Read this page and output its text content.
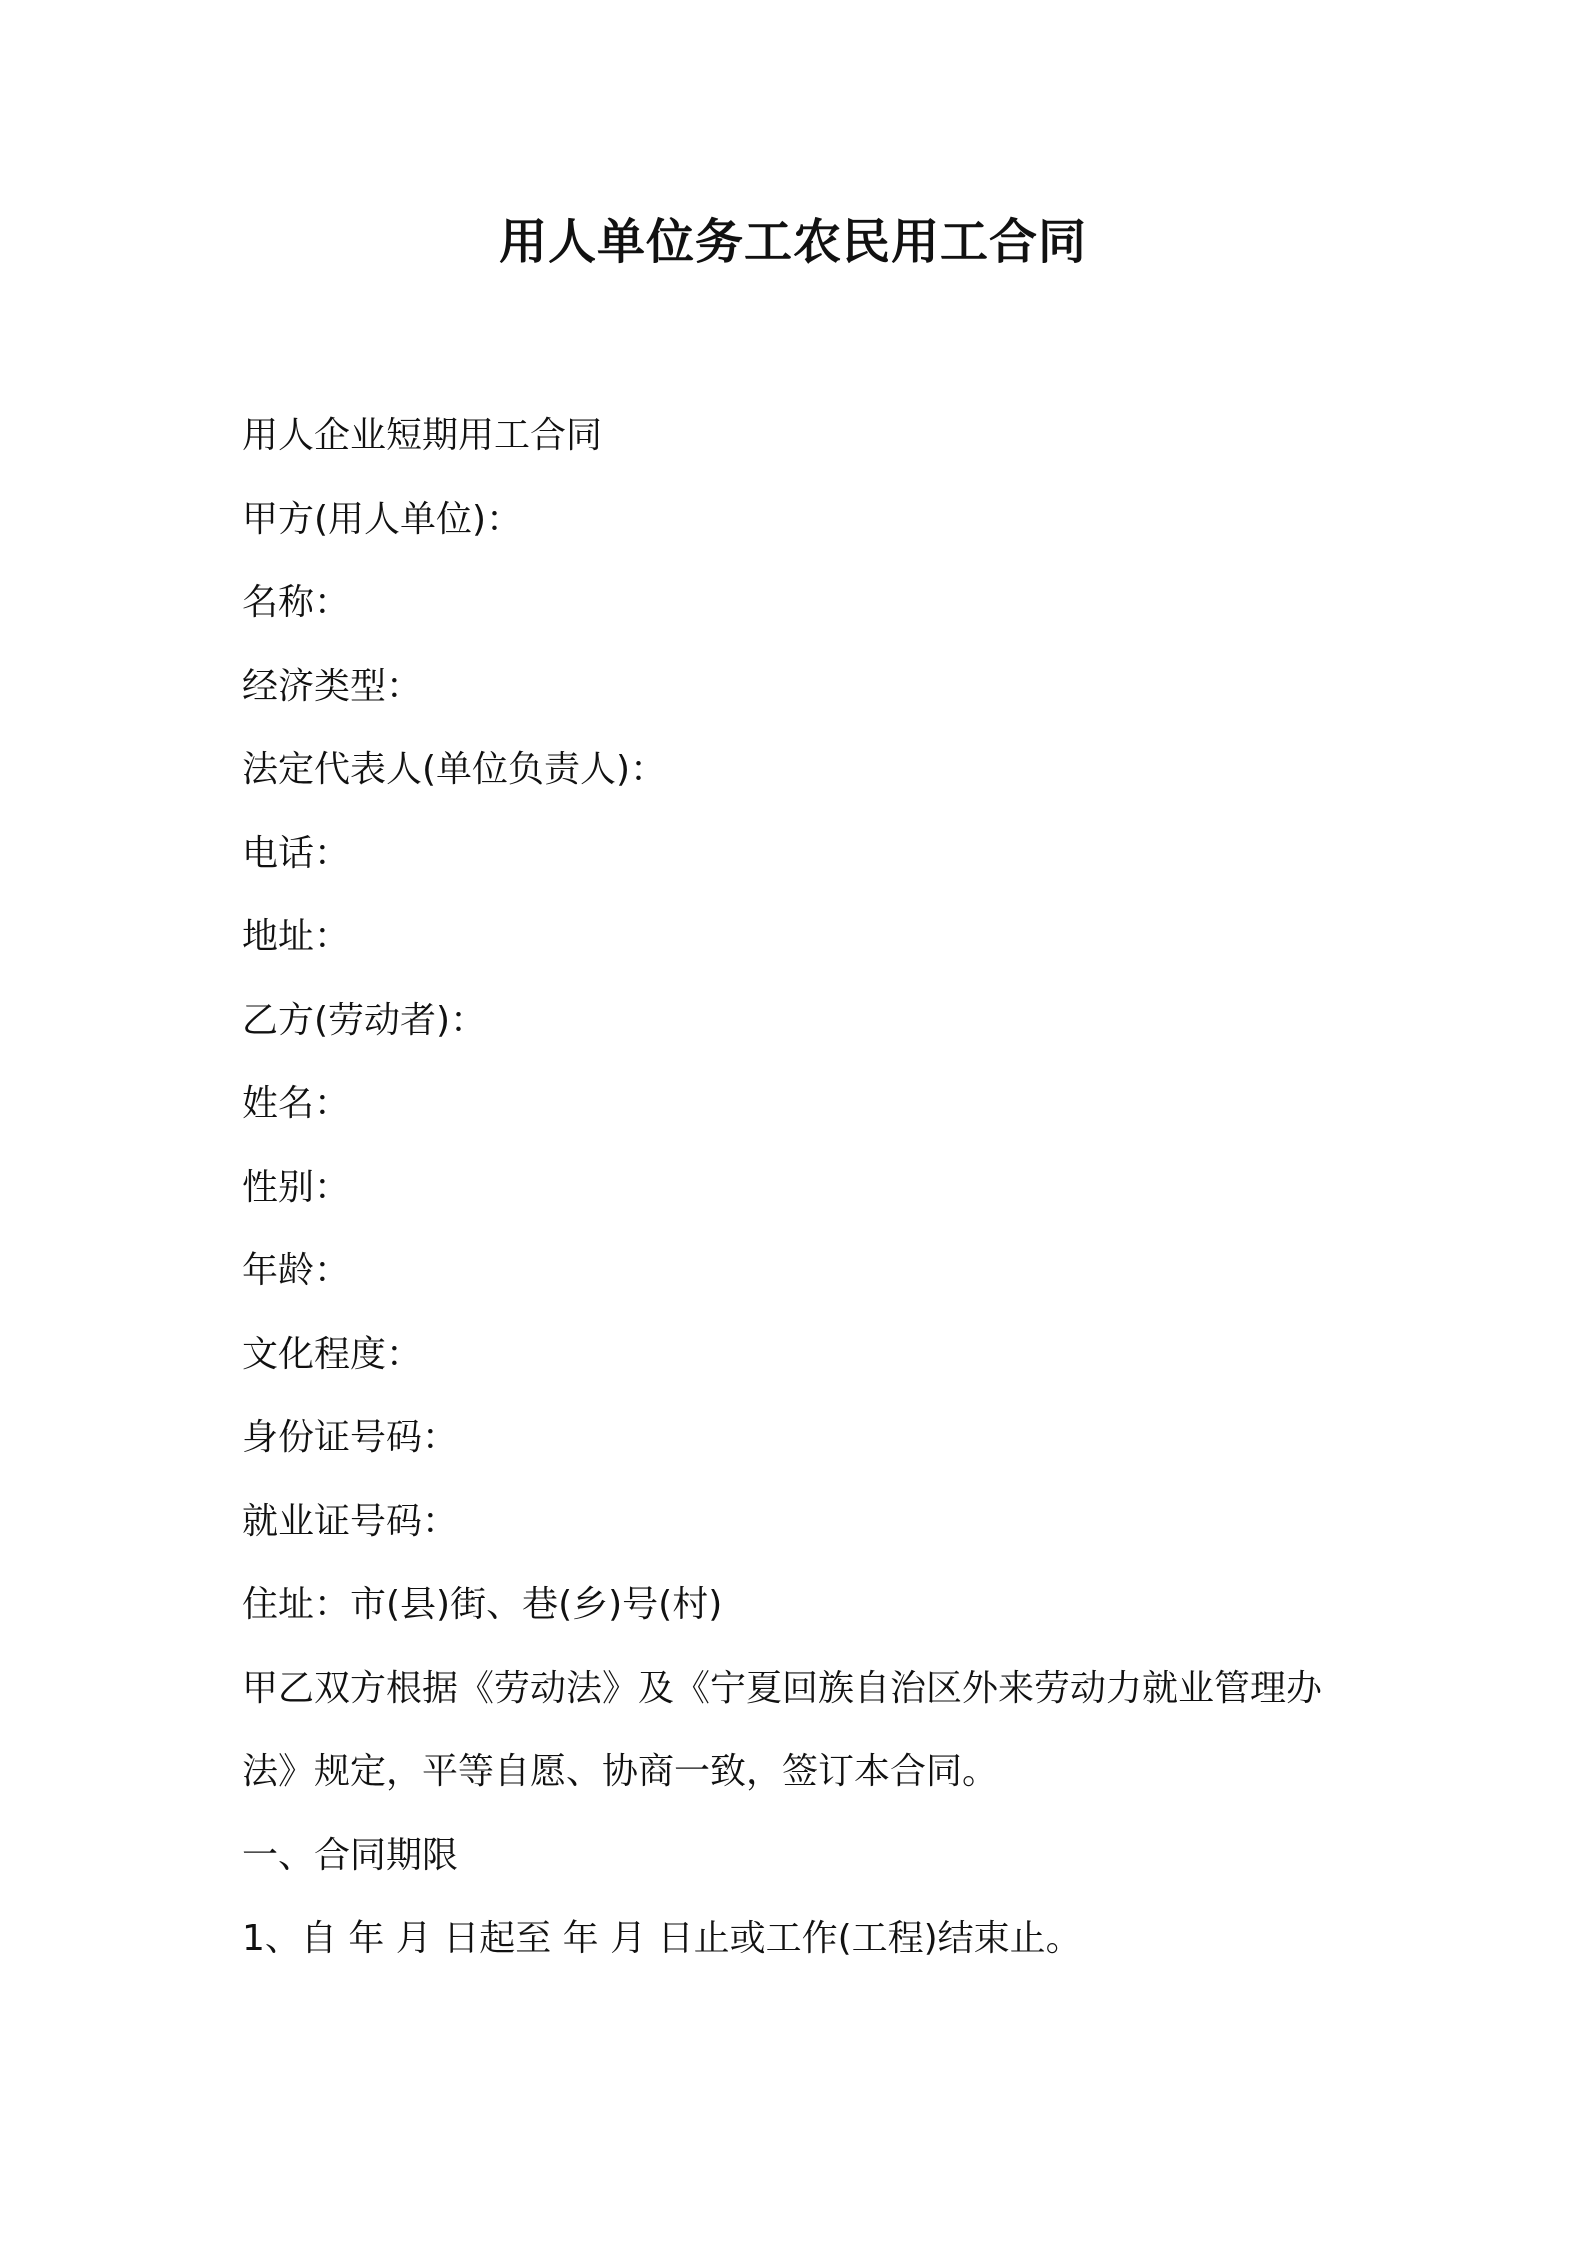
用人单位务工农民用工合同
用人企业短期用工合同
甲方(用人单位)：
名称：
经济类型：
法定代表人(单位负责人)：
电话：
地址：
乙方(劳动者)：
姓名：
性别：
年龄：
文化程度：
身份证号码：
就业证号码：
住址：市(县)街、巷(乡)号(村)
甲乙双方根据《劳动法》及《宁夏回族自治区外来劳动力就业管理办
法》规定，平等自愿、协商一致，签订本合同。
一、合同期限
1、自 年 月 日起至 年 月 日止或工作(工程)结束止。
